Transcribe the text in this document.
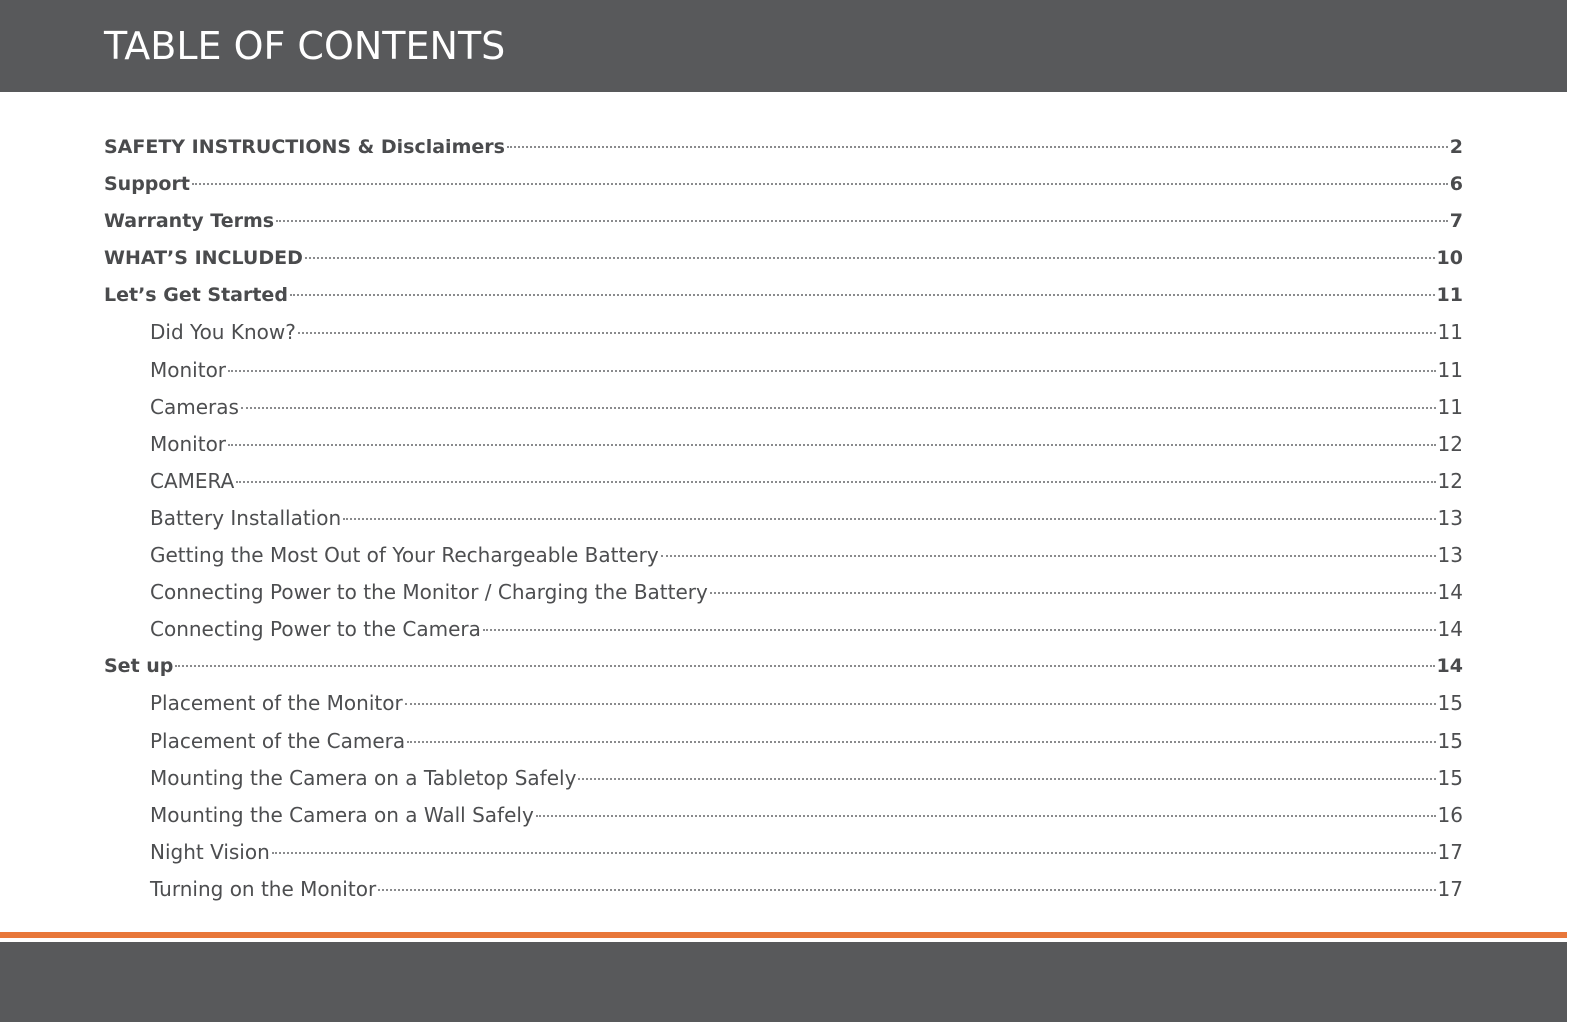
TABLE OF CONTENTS
SAFETY INSTRUCTIONS & Disclaimers	2
Support	6
Warranty Terms	7
WHAT’S INCLUDED	10
Let’s Get Started	11
Did You Know?	11
Monitor	11
Cameras	11
Monitor	12
CAMERA	12
Battery Installation	13
Getting the Most Out of Your Rechargeable Battery	13
Connecting Power to the Monitor / Charging the Battery	14
Connecting Power to the Camera	14
Set up	14
Placement of the Monitor	15
Placement of the Camera	15
Mounting the Camera on a Tabletop Safely	15
Mounting the Camera on a Wall Safely	16
Night Vision	17
Turning on the Monitor	17
